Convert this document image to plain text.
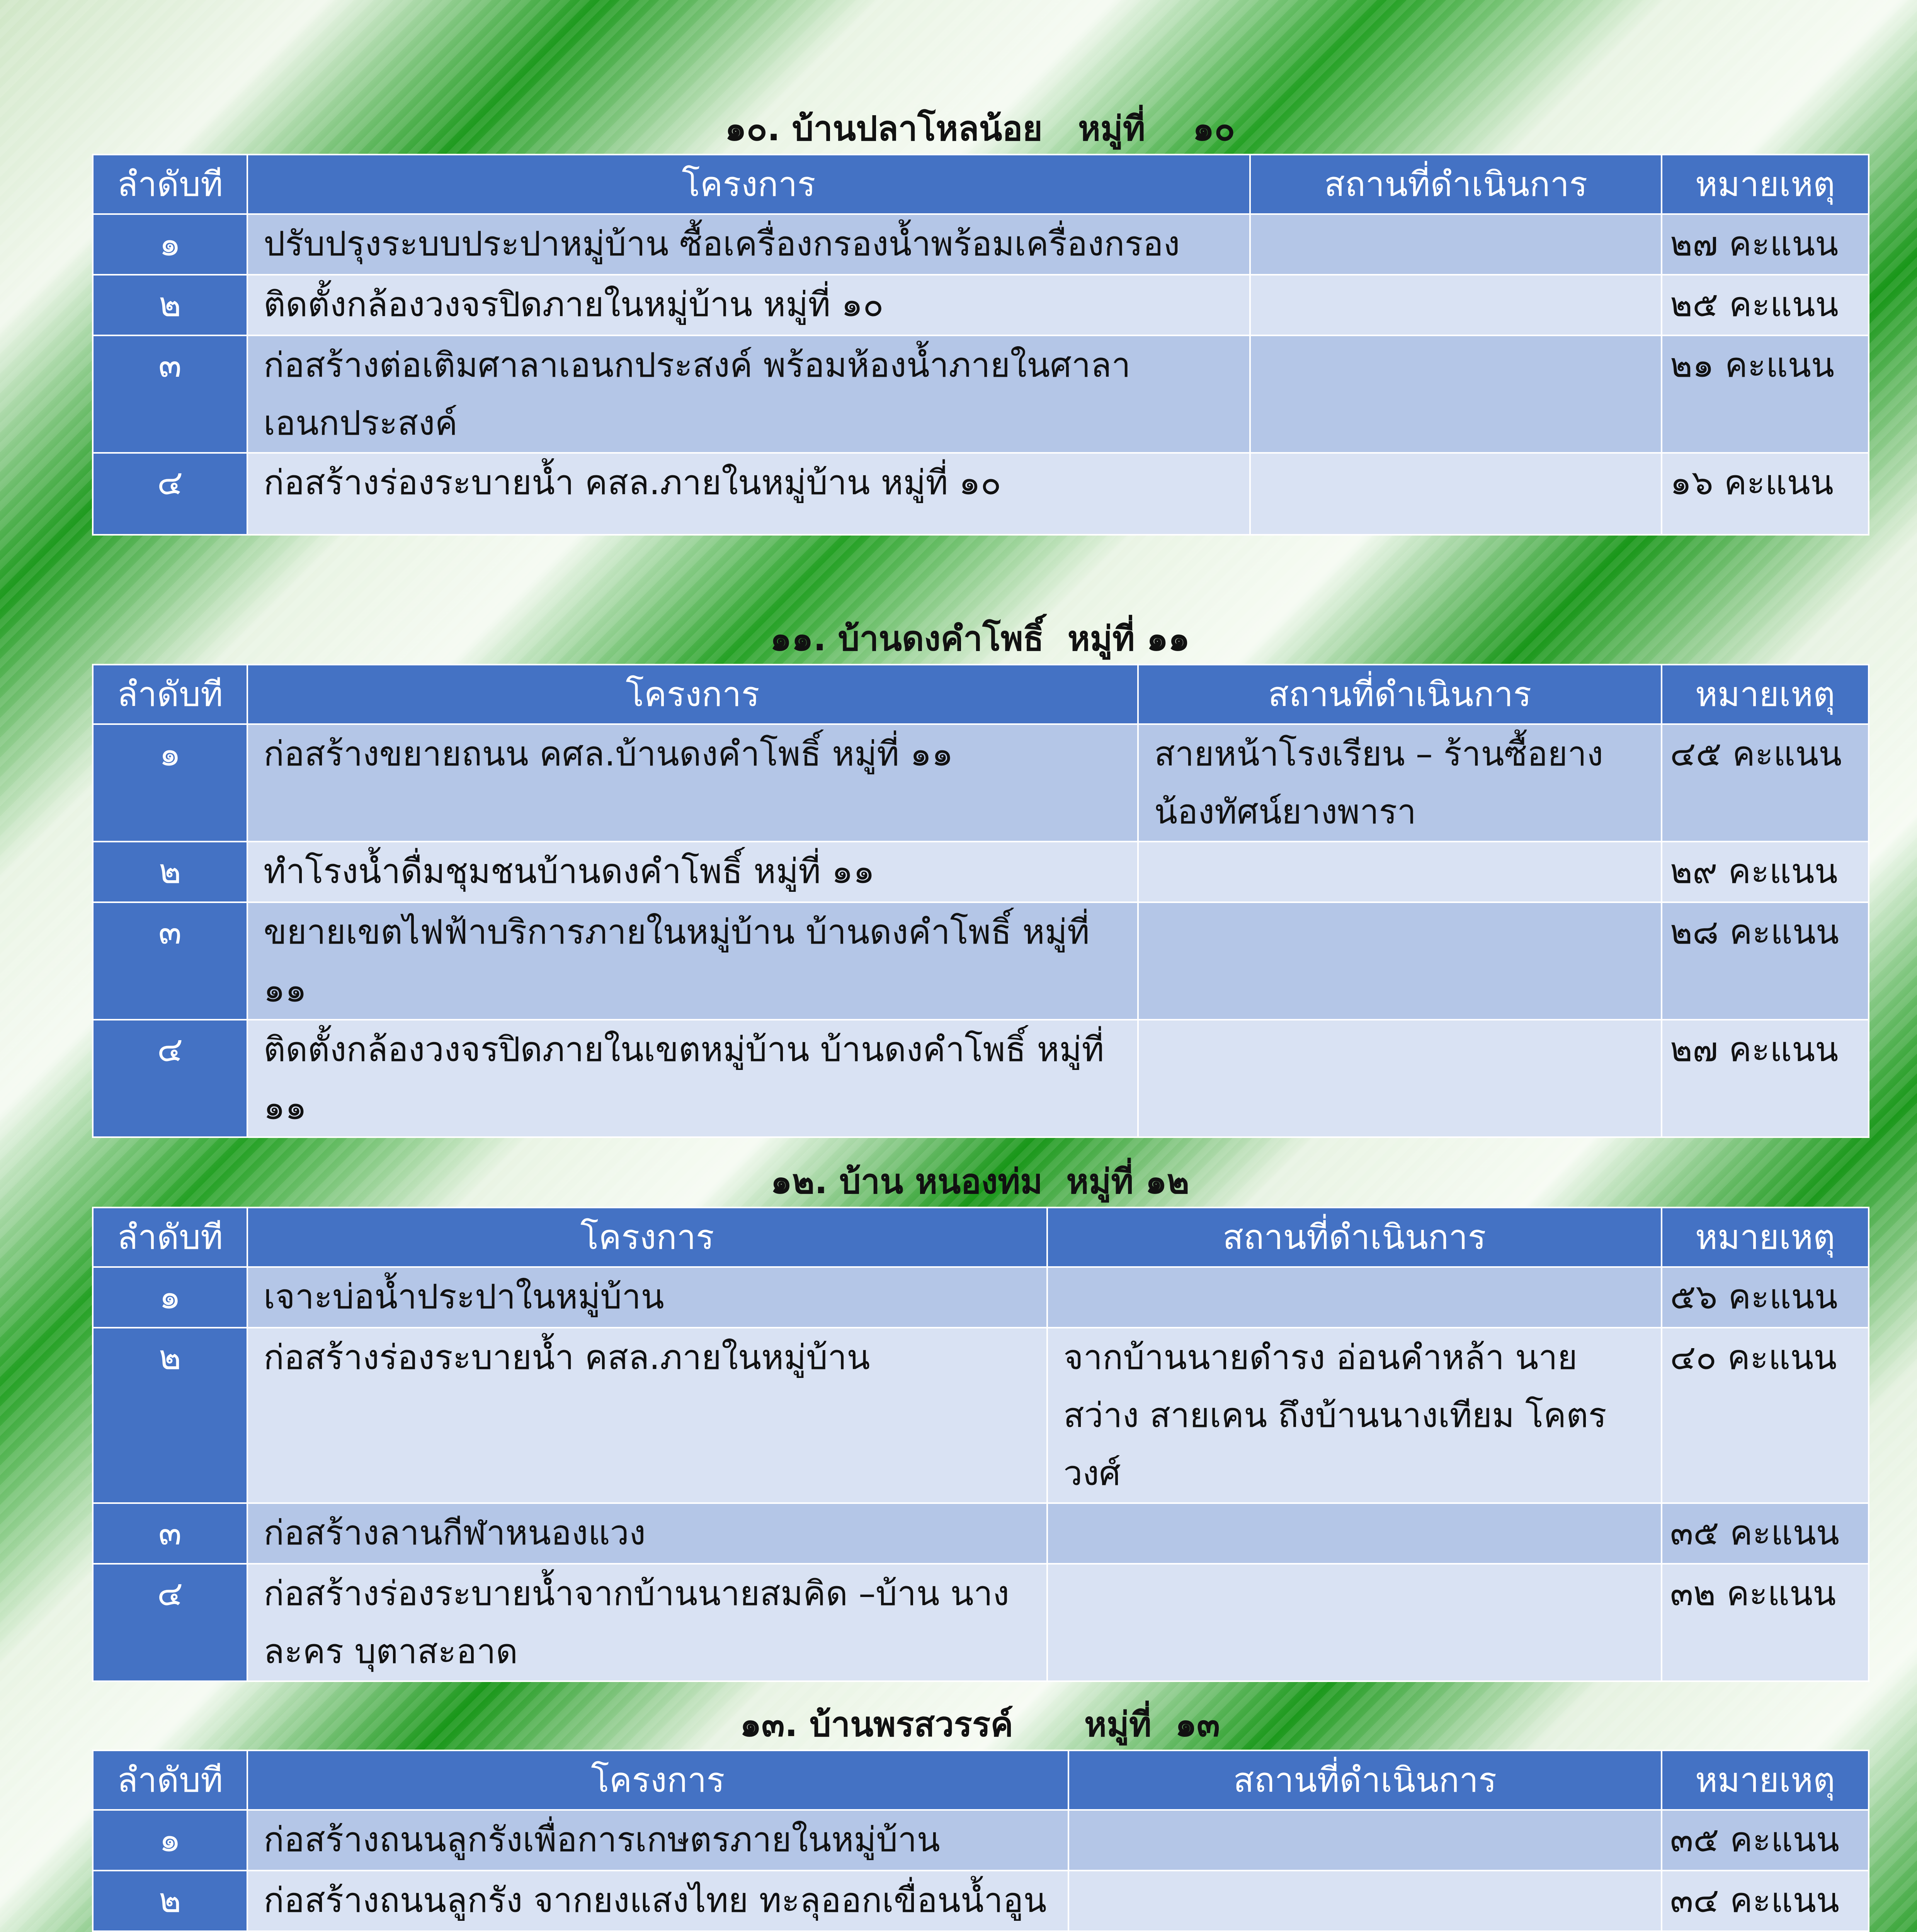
๑๐. บ้านปลาโหลน้อย   หมู่ที่    ๑๐
ลำดับที	โครงการ	สถานที่ดำเนินการ	หมายเหตุ
๑	ปรับปรุงระบบประปาหมู่บ้าน ซื้อเครื่องกรองน้ำพร้อมเครื่องกรอง		๒๗ คะแนน
๒	ติดตั้งกล้องวงจรปิดภายในหมู่บ้าน หมู่ที่ ๑๐		๒๕ คะแนน
๓	ก่อสร้างต่อเติมศาลาเอนกประสงค์ พร้อมห้องน้ำภายในศาลาเอนกประสงค์		๒๑ คะแนน
๔	ก่อสร้างร่องระบายน้ำ คสล.ภายในหมู่บ้าน หมู่ที่ ๑๐		๑๖ คะแนน
๑๑. บ้านดงคำโพธิ์  หมู่ที่ ๑๑
ลำดับที	โครงการ	สถานที่ดำเนินการ	หมายเหตุ
๑	ก่อสร้างขยายถนน คศล.บ้านดงคำโพธิ์ หมู่ที่ ๑๑	สายหน้าโรงเรียน – ร้านซื้อยางน้องทัศน์ยางพารา	๔๕ คะแนน
๒	ทำโรงน้ำดื่มชุมชนบ้านดงคำโพธิ์ หมู่ที่ ๑๑		๒๙ คะแนน
๓	ขยายเขตไฟฟ้าบริการภายในหมู่บ้าน บ้านดงคำโพธิ์ หมู่ที่ ๑๑		๒๘ คะแนน
๔	ติดตั้งกล้องวงจรปิดภายในเขตหมู่บ้าน บ้านดงคำโพธิ์ หมู่ที่ ๑๑		๒๗ คะแนน
๑๒. บ้าน หนองท่ม  หมู่ที่ ๑๒
ลำดับที	โครงการ	สถานที่ดำเนินการ	หมายเหตุ
๑	เจาะบ่อน้ำประปาในหมู่บ้าน		๕๖ คะแนน
๒	ก่อสร้างร่องระบายน้ำ คสล.ภายในหมู่บ้าน	จากบ้านนายดำรง อ่อนคำหล้า นายสว่าง สายเคน ถึงบ้านนางเทียม โคตรวงศ์	๔๐ คะแนน
๓	ก่อสร้างลานกีฬาหนองแวง		๓๕ คะแนน
๔	ก่อสร้างร่องระบายน้ำจากบ้านนายสมคิด –บ้าน นางละคร บุตาสะอาด		๓๒ คะแนน
๑๓. บ้านพรสวรรค์      หมู่ที่  ๑๓
ลำดับที	โครงการ	สถานที่ดำเนินการ	หมายเหตุ
๑	ก่อสร้างถนนลูกรังเพื่อการเกษตรภายในหมู่บ้าน		๓๕ คะแนน
๒	ก่อสร้างถนนลูกรัง จากยงแสงไทย ทะลุออกเขื่อนน้ำอูน		๓๔ คะแนน
